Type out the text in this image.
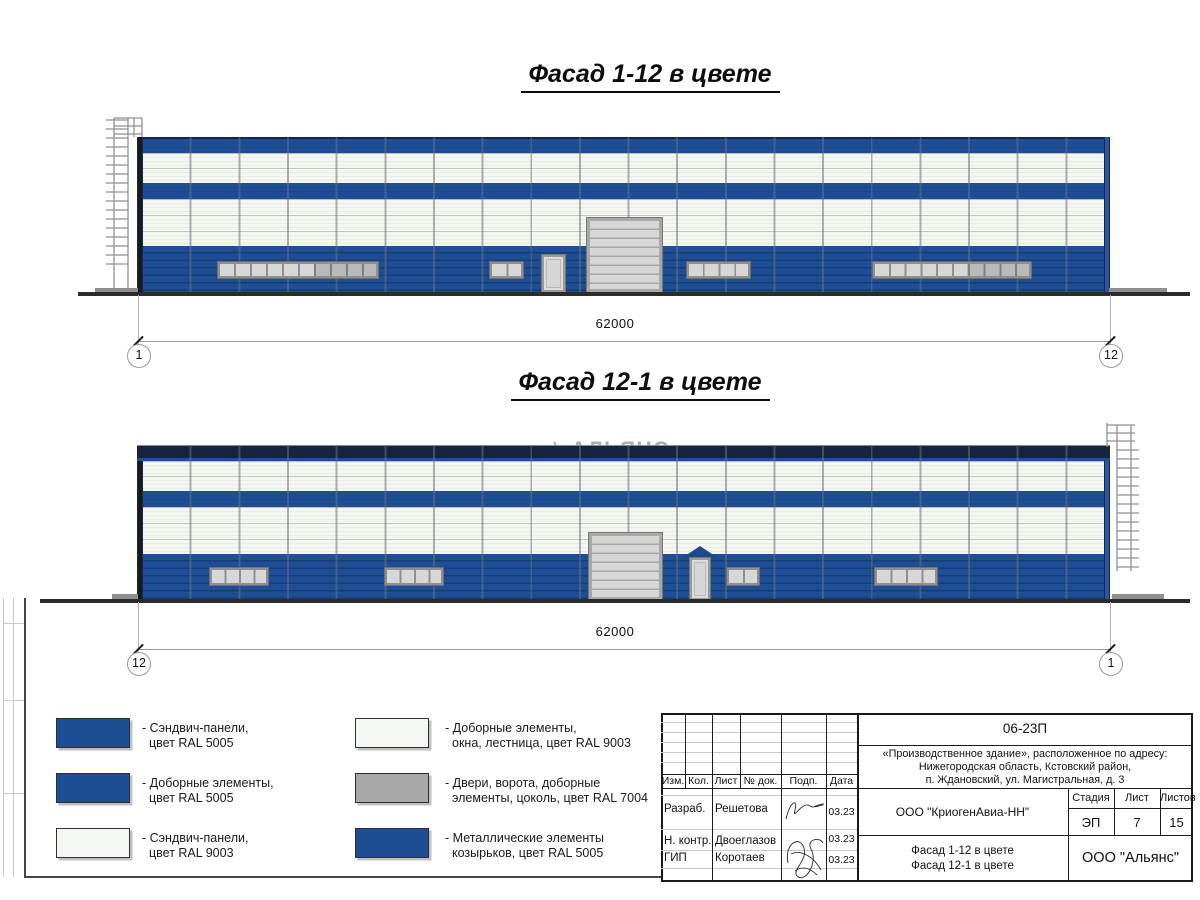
Фасад 1-12 в цвете
62000
1	12
Фасад 12-1 в цвете
62000
12	1
- Сэндвич-панели,
цвет RAL 5005
- Доборные элементы,
цвет RAL 5005
- Сэндвич-панели,
цвет RAL 9003
- Доборные элементы,
окна, лестница, цвет RAL 9003
- Двери, ворота, доборные
элементы, цоколь, цвет RAL 7004
- Металлические элементы
козырьков, цвет RAL 5005
06-23П
«Производственное здание», расположенное по адресу:
Нижегородская область, Кстовский район,
п. Ждановский, ул. Магистральная, д. 3
Изм. Кол. Лист № док.	Подп.	Дата
Стадия	Лист	Листов
ЭП	7	15
ООО "КриогенАвиа-НН"
Фасад 1-12 в цвете
Фасад 12-1 в цвете	ООО "Альянс"
Разраб. Решетова	03.23
Н. контр. Двоеглазов	03.23
ГИП	Коротаев	03.23
